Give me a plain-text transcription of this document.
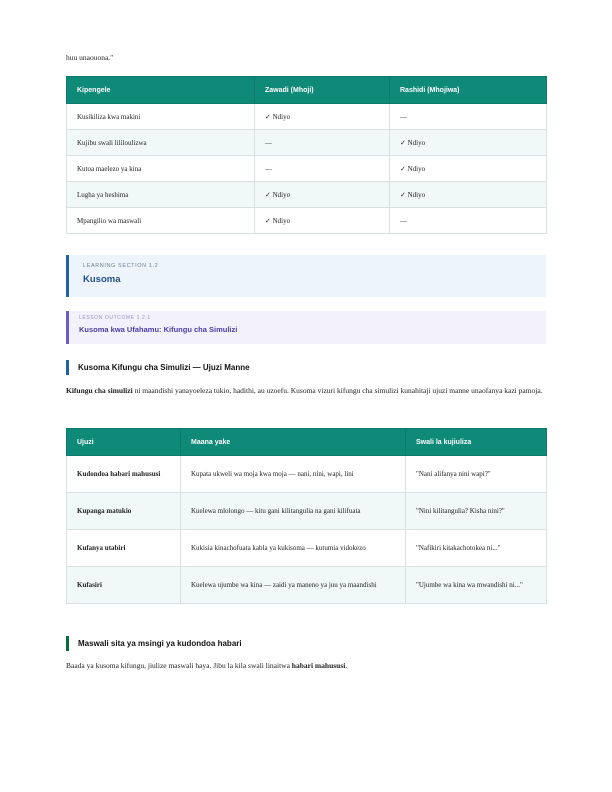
huu unaouona."
Kipengele	Zawadi (Mhoji)	Rashidi (Mhojiwa)
Kusikiliza kwa makini	✓ Ndiyo	—
Kujibu swali lililoulizwa	—	✓ Ndiyo
Kutoa maelezo ya kina	—	✓ Ndiyo
Lugha ya heshima	✓ Ndiyo	✓ Ndiyo
Mpangilio wa maswali	✓ Ndiyo	—
LEARNING SECTION 1.2
Kusoma
LESSON OUTCOME 1.2.1
Kusoma kwa Ufahamu: Kifungu cha Simulizi
Kusoma Kifungu cha Simulizi — Ujuzi Manne
Kifungu cha simulizi ni maandishi yanayoeleza tukio, hadithi, au uzoefu. Kusoma vizuri kifungu cha simulizi kunahitaji ujuzi manne unaofanya kazi pamoja.
Ujuzi	Maana yake	Swali la kujiuliza
Kudondoa habari mahususi	Kupata ukweli wa moja kwa moja — nani, nini, wapi, lini	"Nani alifanya nini wapi?"
Kupanga matukio	Kuelewa mlolongo — kitu gani kilitangulia na gani kilifuata	"Nini kilitangulia? Kisha nini?"
Kufanya utabiri	Kukisia kinachofuata kabla ya kukisoma — kutumia vidokezo	"Nafikiri kitakachotokea ni..."
Kufasiri	Kuelewa ujumbe wa kina — zaidi ya maneno ya juu ya maandishi	"Ujumbe wa kina wa mwandishi ni..."
Maswali sita ya msingi ya kudondoa habari
Baada ya kusoma kifungu, jiulize maswali haya. Jibu la kila swali linaitwa habari mahususi.
